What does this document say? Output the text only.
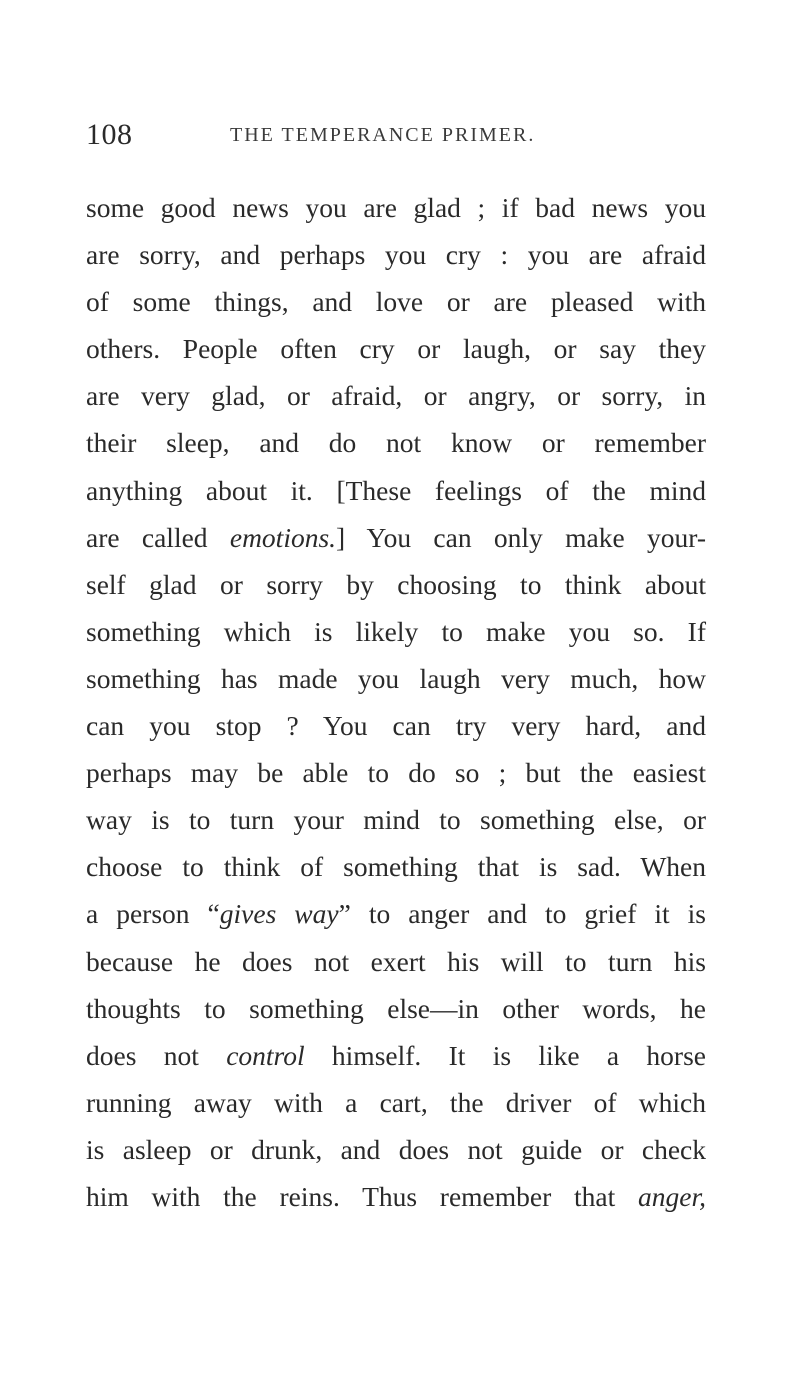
108	THE TEMPERANCE PRIMER.
some good news you are glad ; if bad news you
are sorry, and perhaps you cry : you are afraid
of some things, and love or are pleased with
others. People often cry or laugh, or say they
are very glad, or afraid, or angry, or sorry, in
their sleep, and do not know or remember
anything about it. [These feelings of the mind
are called emotions.] You can only make your-
self glad or sorry by choosing to think about
something which is likely to make you so. If
something has made you laugh very much, how
can you stop ? You can try very hard, and
perhaps may be able to do so ; but the easiest
way is to turn your mind to something else, or
choose to think of something that is sad. When
a person “gives way” to anger and to grief it is
because he does not exert his will to turn his
thoughts to something else—in other words, he
does not control himself. It is like a horse
running away with a cart, the driver of which
is asleep or drunk, and does not guide or check
him with the reins. Thus remember that anger,
